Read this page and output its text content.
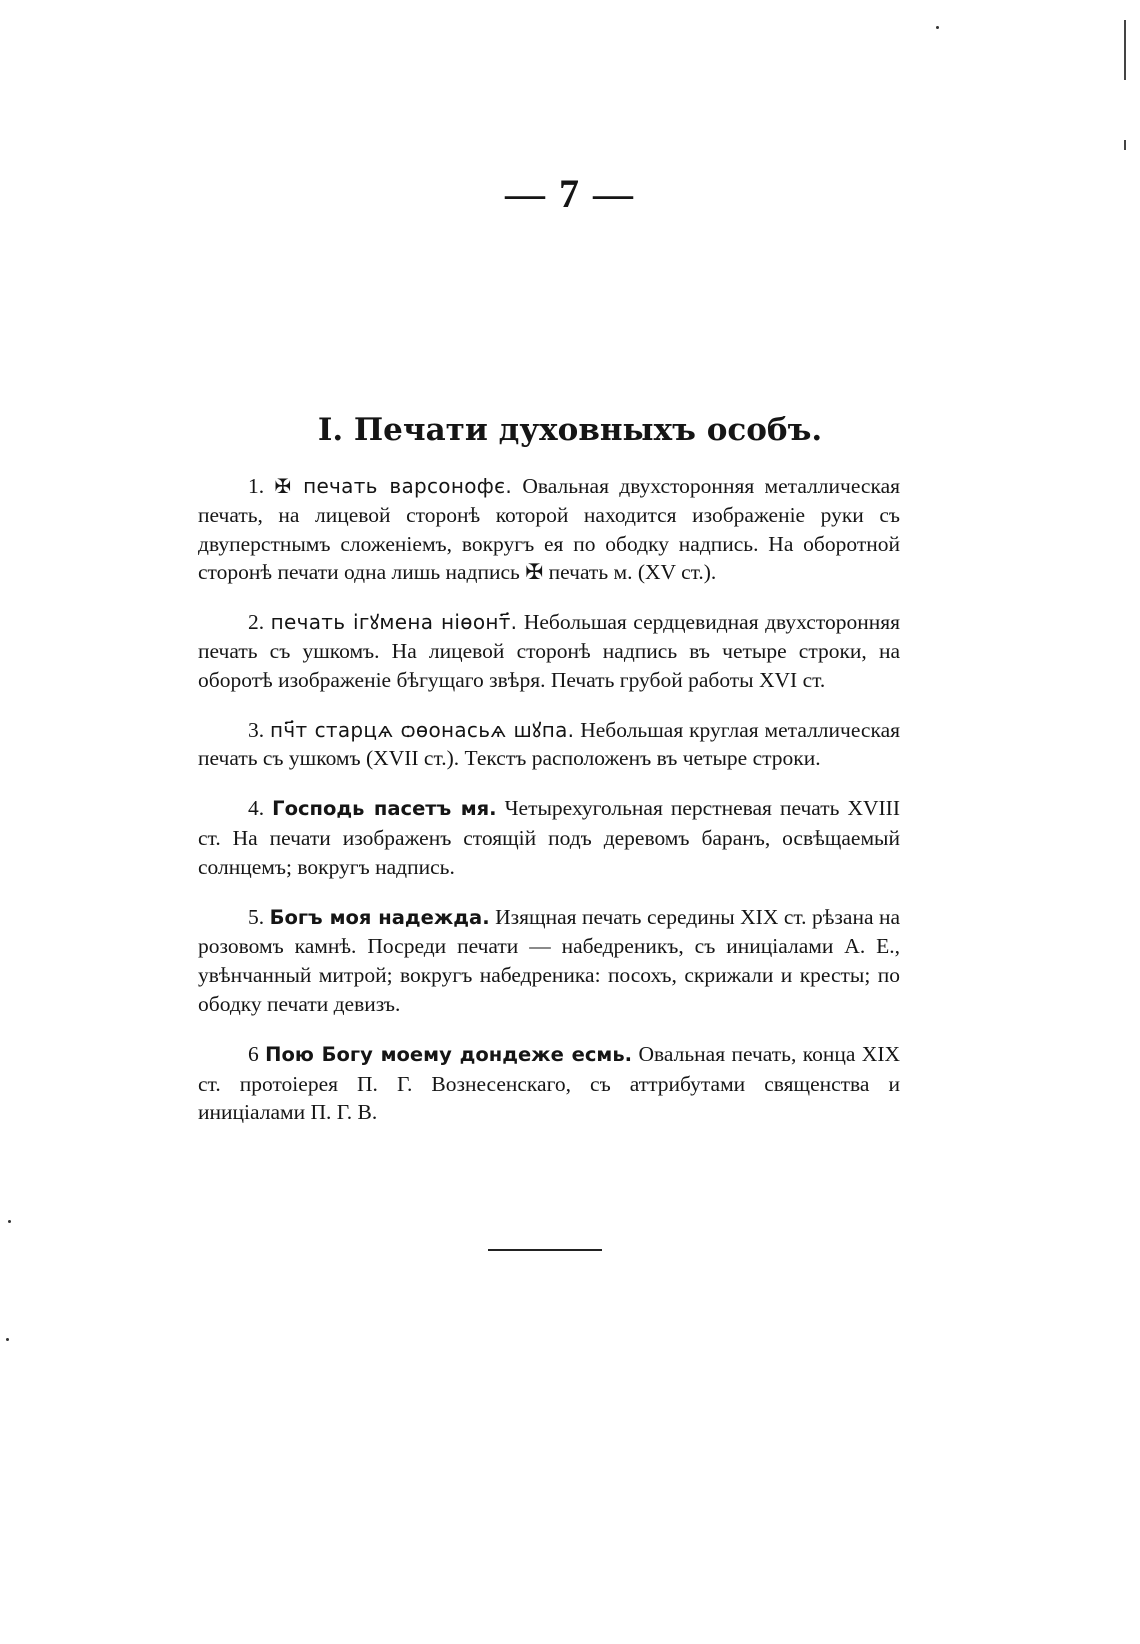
— 7 —
I. Печати духовныхъ особъ.

1. ✠ печать варсонофє. Овальная двухсторонняя металлическая печать, на лицевой сторонѣ которой находится изображеніе руки съ двуперстнымъ сложеніемъ, вокругъ ея по ободку надпись. На оборотной сторонѣ печати одна лишь надпись ✠ печать м. (XV ст.).

2. печать ігꙋмена ніѳонт҃. Небольшая сердцевидная двухсторонняя печать съ ушкомъ. На лицевой сторонѣ надпись въ четыре строки, на оборотѣ изображеніе бѣгущаго звѣря. Печать грубой работы XVI ст.

3. пч҃т старцѧ ѻѳонасьѧ шꙋпа. Небольшая круглая металлическая печать съ ушкомъ (XVII ст.). Текстъ расположенъ въ четыре строки.

4. Господь пасетъ мя. Четырехугольная перстневая печать XVIII ст. На печати изображенъ стоящій подъ деревомъ баранъ, освѣщаемый солнцемъ; вокругъ надпись.

5. Богъ моя надежда. Изящная печать середины XIX ст. рѣзана на розовомъ камнѣ. Посреди печати — набедреникъ, съ иниціалами А. Е., увѣнчанный митрой; вокругъ набедреника: посохъ, скрижали и кресты; по ободку печати девизъ.

6 Пою Богу моему дондеже есмь. Овальная печать, конца XIX ст. протоіерея П. Г. Вознесенскаго, съ аттрибутами священства и иниціалами П. Г. В.
